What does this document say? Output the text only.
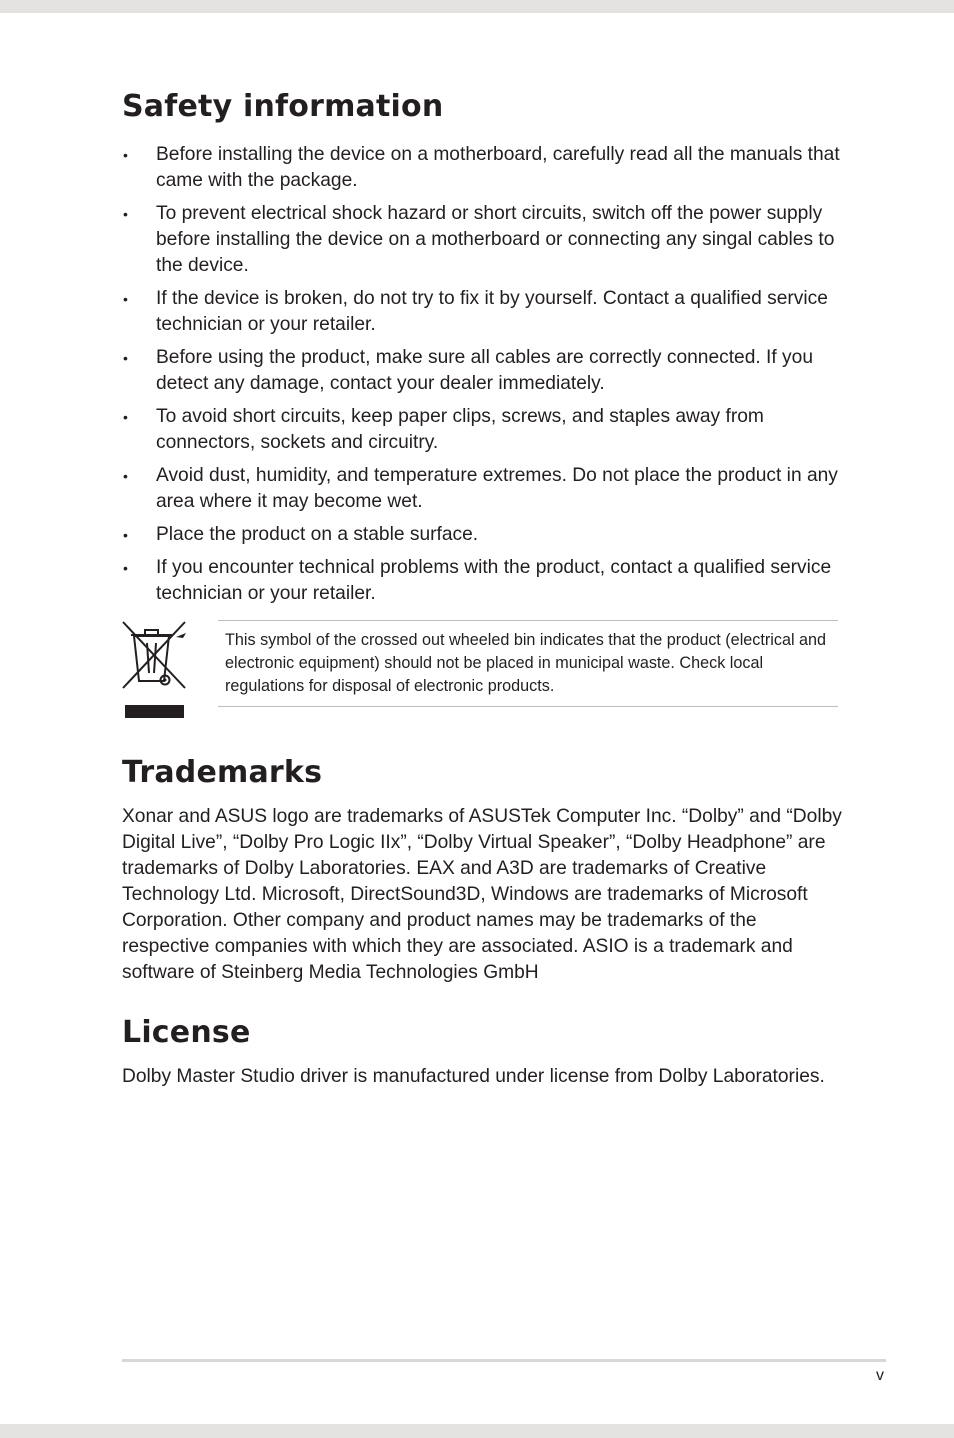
Safety information
• Before installing the device on a motherboard, carefully read all the manuals that came with the package.
• To prevent electrical shock hazard or short circuits, switch off the power supply before installing the device on a motherboard or connecting any singal cables to the device.
• If the device is broken, do not try to fix it by yourself. Contact a qualified service technician or your retailer.
• Before using the product, make sure all cables are correctly connected. If you detect any damage, contact your dealer immediately.
• To avoid short circuits, keep paper clips, screws, and staples away from connectors, sockets and circuitry.
• Avoid dust, humidity, and temperature extremes. Do not place the product in any area where it may become wet.
• Place the product on a stable surface.
• If you encounter technical problems with the product, contact a qualified service technician or your retailer.

This symbol of the crossed out wheeled bin indicates that the product (electrical and electronic equipment) should not be placed in municipal waste. Check local regulations for disposal of electronic products.

Trademarks

Xonar and ASUS logo are trademarks of ASUSTek Computer Inc. “Dolby” and “Dolby Digital Live”, “Dolby Pro Logic IIx”, “Dolby Virtual Speaker”, “Dolby Headphone” are trademarks of Dolby Laboratories. EAX and A3D are trademarks of Creative Technology Ltd. Microsoft, DirectSound3D, Windows are trademarks of Microsoft Corporation. Other company and product names may be trademarks of the respective companies with which they are associated. ASIO is a trademark and software of Steinberg Media Technologies GmbH

License

Dolby Master Studio driver is manufactured under license from Dolby Laboratories.

v
